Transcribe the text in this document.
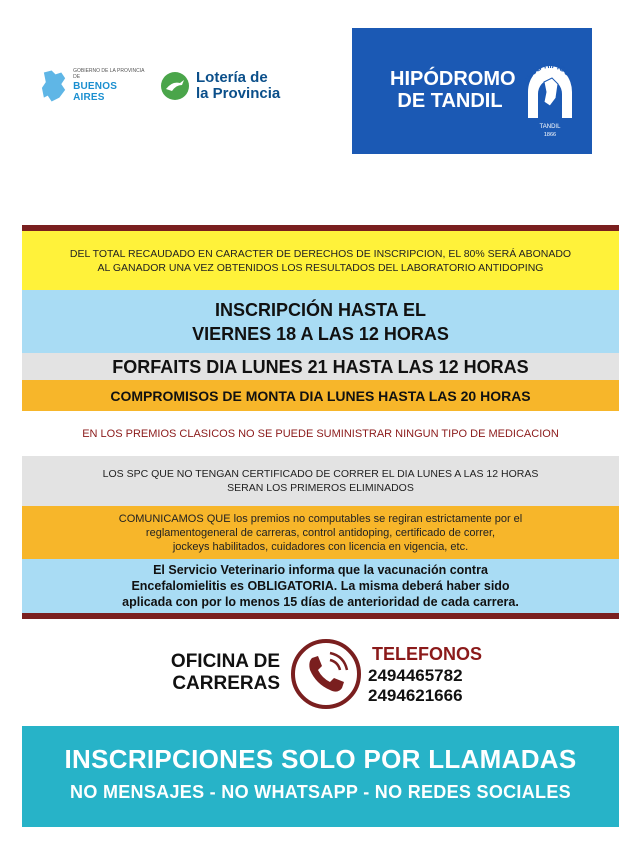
GOBIERNO DE LA PROVINCIA DE
BUENOS AIRES
Lotería de
la Provincia
HIPÓDROMO
DE TANDIL
CLUB HIPICO
TANDIL
1866
DEL TOTAL RECAUDADO EN CARACTER DE DERECHOS DE INSCRIPCION, EL 80% SERÁ ABONADO
AL GANADOR UNA VEZ OBTENIDOS LOS RESULTADOS DEL LABORATORIO ANTIDOPING
INSCRIPCIÓN HASTA EL
VIERNES 18 A LAS 12 HORAS
FORFAITS DIA LUNES 21 HASTA LAS 12 HORAS
COMPROMISOS DE MONTA DIA LUNES HASTA LAS 20 HORAS
EN LOS PREMIOS CLASICOS NO SE PUEDE SUMINISTRAR NINGUN TIPO DE MEDICACION
LOS SPC QUE NO TENGAN CERTIFICADO DE CORRER EL DIA LUNES A LAS 12 HORAS
SERAN LOS PRIMEROS ELIMINADOS
COMUNICAMOS QUE los premios no computables se regiran estrictamente por el
reglamentogeneral de carreras, control antidoping, certificado de correr,
jockeys habilitados, cuidadores con licencia en vigencia, etc.
El Servicio Veterinario informa que la vacunación contra
Encefalomielitis es OBLIGATORIA. La misma deberá haber sido
aplicada con por lo menos 15 días de anterioridad de cada carrera.
OFICINA DE
CARRERAS
TELEFONOS
2494465782
2494621666
INSCRIPCIONES SOLO POR LLAMADAS
NO MENSAJES - NO WHATSAPP - NO REDES SOCIALES
